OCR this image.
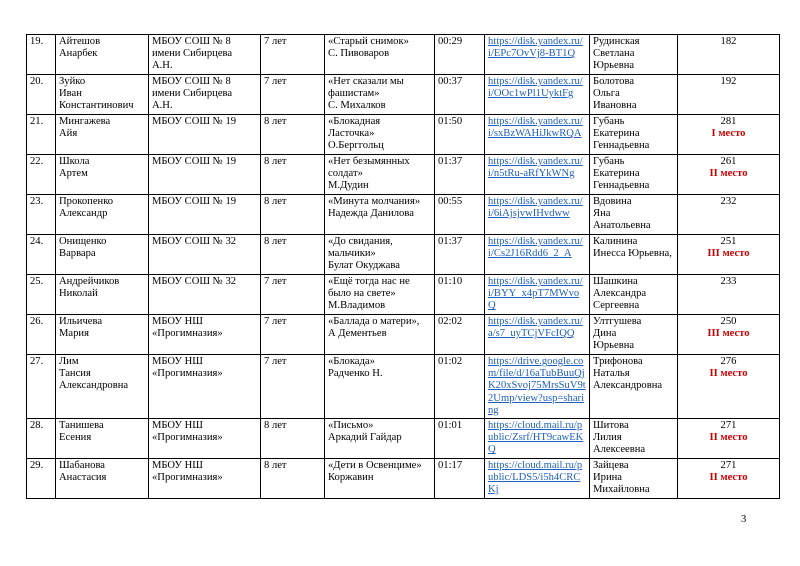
19.	Айтешов
Анарбек	МБОУ СОШ № 8
имени Сибирцева
А.Н.	7 лет	«Старый снимок»
С. Пивоваров	00:29	https://disk.yandex.ru/i/EPc7OvVj8-BT1Q	Рудинская
Светлана
Юрьевна	182

20.	Зуйко
Иван
Константинович	МБОУ СОШ № 8
имени Сибирцева
А.Н.	7 лет	«Нет сказали мы
фашистам»
С. Михалков	00:37	https://disk.yandex.ru/i/OOc1wPl1UyktFg	Болотова
Ольга
Ивановна	192

21.	Мингажева
Айя	МБОУ СОШ № 19	8 лет	«Блокадная
Ласточка»
О.Берггольц	01:50	https://disk.yandex.ru/i/sxBzWAHiJkwRQA	Губань
Екатерина
Геннадьевна	281
I место

22.	Школа
Артем	МБОУ СОШ № 19	8 лет	«Нет безымянных
солдат»
М.Дудин	01:37	https://disk.yandex.ru/i/n5tRu-aRfYkWNg	Губань
Екатерина
Геннадьевна	261
II место

23.	Прокопенко
Александр	МБОУ СОШ № 19	8 лет	«Минута молчания»
Надежда Данилова	00:55	https://disk.yandex.ru/i/6iAjsjvwIHvdww	Вдовина
Яна
Анатольевна	232

24.	Онищенко
Варвара	МБОУ СОШ № 32	8 лет	«До свидания,
мальчики»
Булат Окуджава	01:37	https://disk.yandex.ru/i/Cs2J16Rdd6_2_A	Калинина
Инесса Юрьевна,	251
III место

25.	Андрейчиков
Николай	МБОУ СОШ № 32	7 лет	«Ещё тогда нас не
было на свете»
М.Владимов	01:10	https://disk.yandex.ru/i/BYY_x4pT7MWvoQ	Шашкина
Александра
Сергеевна	233

26.	Ильичева
Мария	МБОУ НШ
«Прогимназия»	7 лет	«Баллада о матери»,
А Дементьев	02:02	https://disk.yandex.ru/a/s7_uyTCjVFcIQQ	Ултгушева
Дина
Юрьевна	250
III место

27.	Лим
Тансия
Александровна	МБОУ НШ
«Прогимназия»	7 лет	«Блокада»
Радченко Н.	01:02	https://drive.google.com/file/d/16aTubBuuQjK20xSvoj75MrsSuV9t2Ump/view?usp=sharing	Трифонова
Наталья
Александровна	276
II место

28.	Танишева
Есения	МБОУ НШ
«Прогимназия»	8 лет	«Письмо»
Аркадий Гайдар	01:01	https://cloud.mail.ru/public/Zsrf/HT9cawEKQ	Шитова
Лилия
Алексеевна	271
II место

29.	Шабанова
Анастасия	МБОУ НШ
«Прогимназия»	8 лет	«Дети в Освенциме»
Коржавин	01:17	https://cloud.mail.ru/public/LDS5/i5h4CRCKj	Зайцева
Ирина
Михайловна	271
II место
3
